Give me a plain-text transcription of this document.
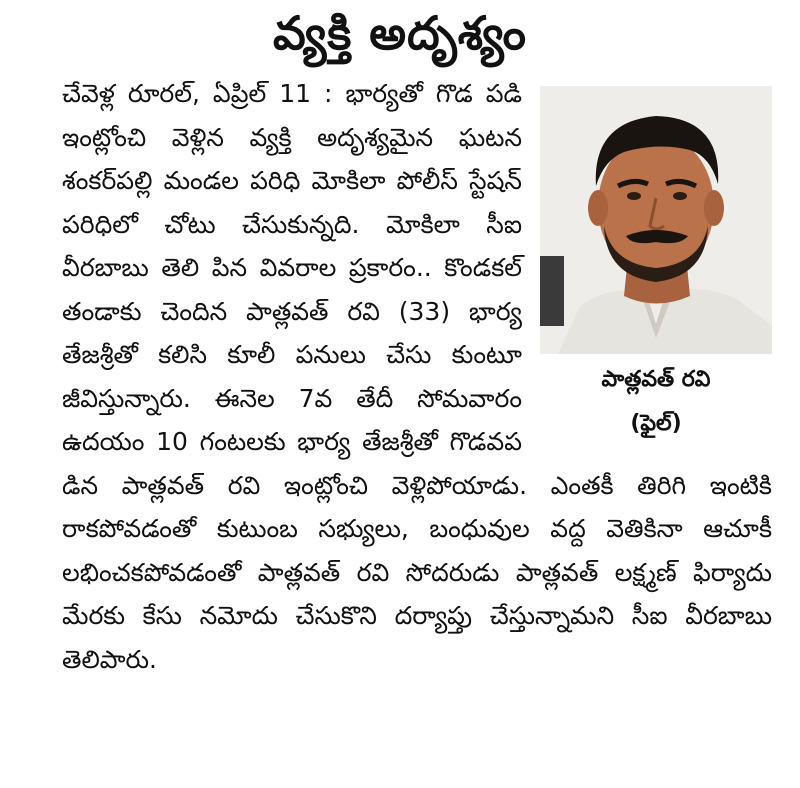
వ్యక్తి అదృశ్యం
పాత్లవత్ రవి
(ఫైల్)

చేవెళ్ల రూరల్, ఏప్రిల్ 11 : భార్యతో గొడ పడి ఇంట్లోంచి వెళ్లిన వ్యక్తి అదృశ్యమైన ఘటన శంకర్‌పల్లి మండల పరిధి మోకిలా పోలీస్ స్టేషన్ పరిధిలో చోటు చేసుకున్నది. మోకిలా సీఐ వీరబాబు తెలి పిన వివరాల ప్రకారం.. కొండకల్ తండాకు చెందిన పాత్లవత్ రవి (33) భార్య తేజశ్రీతో కలిసి కూలీ పనులు చేసు కుంటూ జీవిస్తున్నారు. ఈనెల 7వ తేదీ సోమవారం ఉదయం 10 గంటలకు భార్య తేజశ్రీతో గొడవప డిన పాత్లవత్ రవి ఇంట్లోంచి వెళ్లిపోయాడు. ఎంతకీ తిరిగి ఇంటికి రాకపోవడంతో కుటుంబ సభ్యులు, బంధువుల వద్ద వెతికినా ఆచూకీ లభించకపోవడంతో పాత్లవత్ రవి సోదరుడు పాత్లవత్ లక్ష్మణ్ ఫిర్యాదు మేరకు కేసు నమోదు చేసుకొని దర్యాప్తు చేస్తున్నామని సీఐ వీరబాబు తెలిపారు.
